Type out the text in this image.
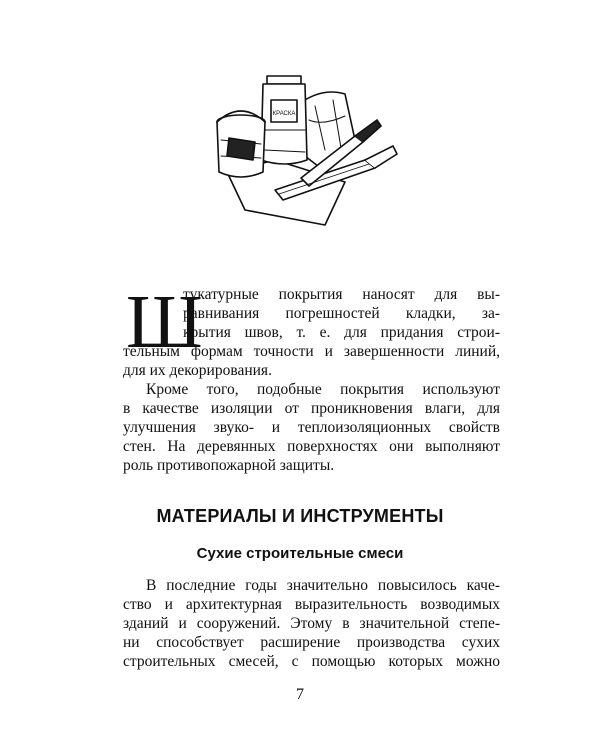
КРАСКА
Ш
тукатурные покрытия наносят для вы-
равнивания погрешностей кладки, за-
крытия швов, т. е. для придания строи-
тельным формам точности и завершенности линий,
для их декорирования.
Кроме того, подобные покрытия используют
в качестве изоляции от проникновения влаги, для
улучшения звуко- и теплоизоляционных свойств
стен. На деревянных поверхностях они выполняют
роль противопожарной защиты.
МАТЕРИАЛЫ И ИНСТРУМЕНТЫ
Сухие строительные смеси
В последние годы значительно повысилось каче-
ство и архитектурная выразительность возводимых
зданий и сооружений. Этому в значительной степе-
ни способствует расширение производства сухих
строительных смесей, с помощью которых можно
7
